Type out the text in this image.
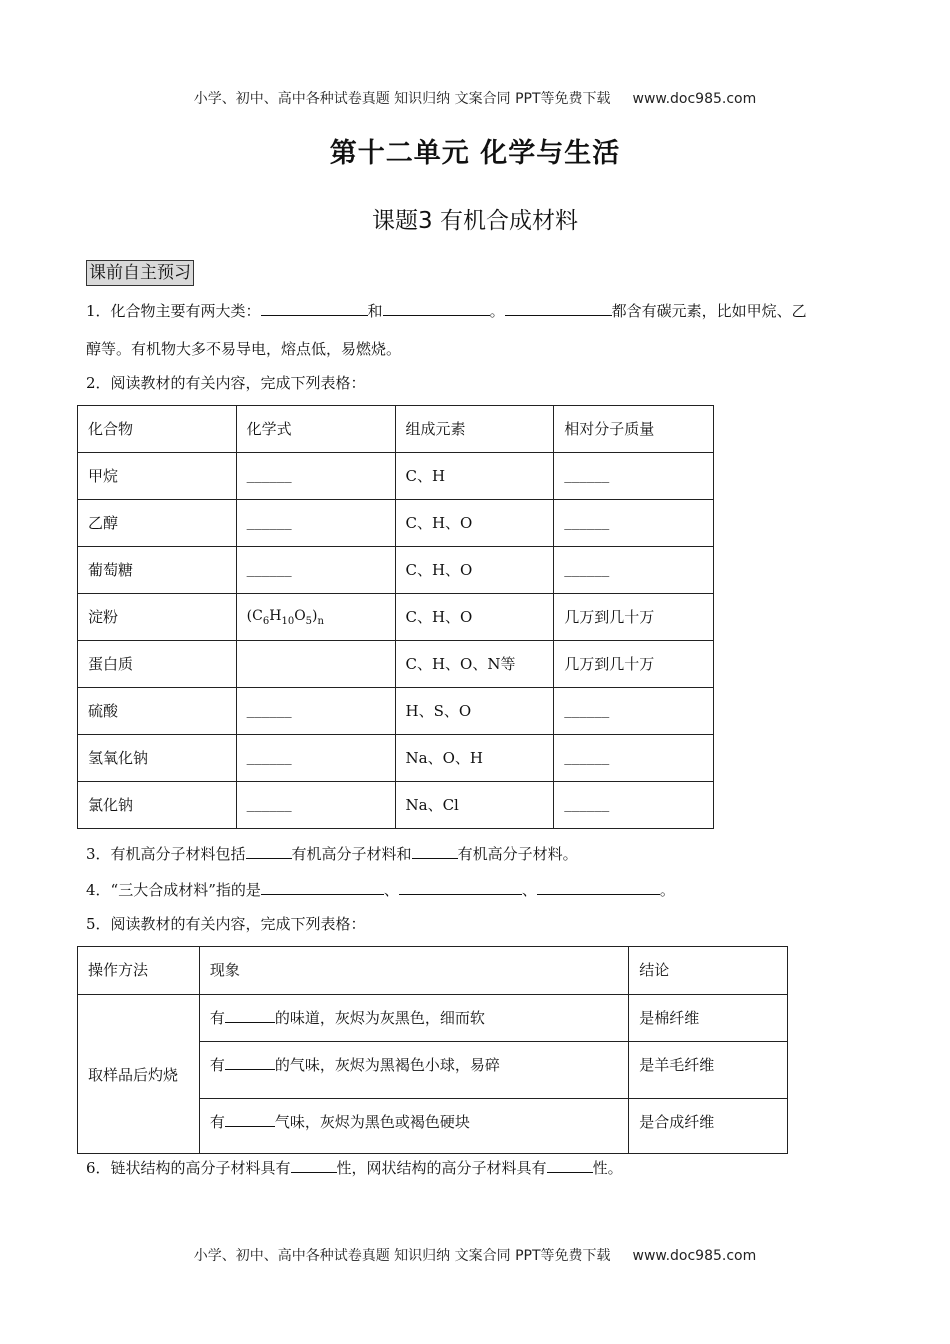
小学、初中、高中各种试卷真题 知识归纳 文案合同 PPT等免费下载 www.doc985.com
第十二单元 化学与生活
课题3 有机合成材料
课前自主预习
1．化合物主要有两大类：	和	。	都含有碳元素，比如甲烷、乙
醇等。有机物大多不易导电，熔点低，易燃烧。
2．阅读教材的有关内容，完成下列表格：
化合物	化学式	组成元素	相对分子质量
甲烷	______	C、H	______
乙醇	______	C、H、O	______
葡萄糖	______	C、H、O	______
淀粉	$(C_6H_{10}O_5)_n$	C、H、O	几万到几十万
蛋白质		C、H、O、N等	几万到几十万
硫酸	______	H、S、O	______
氢氧化钠	______	Na、O、H	______
氯化钠	______	Na、Cl	______
3．有机高分子材料包括	有机高分子材料和	有机高分子材料。
4．“三大合成材料”指的是	、	、	。
5．阅读教材的有关内容，完成下列表格：
操作方法	现象	结论
取样品后灼烧	有 的味道，灰烬为灰黑色，细而软	是棉纤维
	有 的气味，灰烬为黑褐色小球，易碎	是羊毛纤维
	有 气味，灰烬为黑色或褐色硬块	是合成纤维
6．链状结构的高分子材料具有	性，网状结构的高分子材料具有	性。
小学、初中、高中各种试卷真题 知识归纳 文案合同 PPT等免费下载 www.doc985.com
